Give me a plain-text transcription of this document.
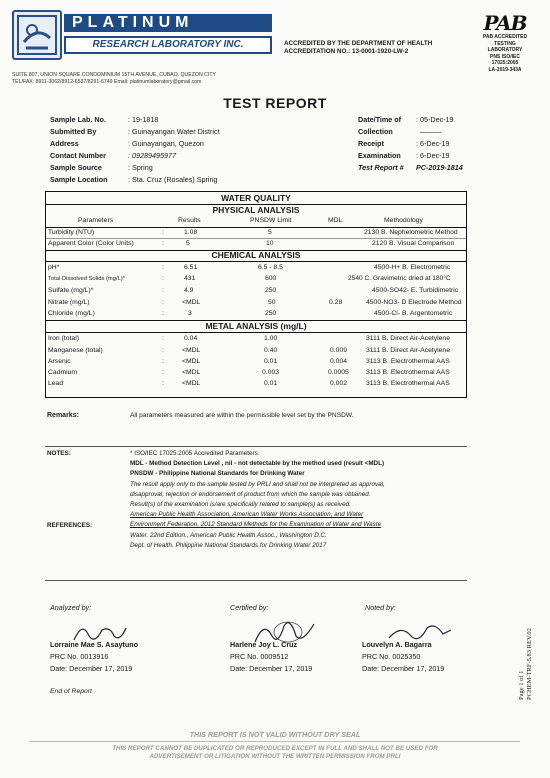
PLATINUM
RESEARCH LABORATORY INC.	ACCREDITED BY THE DEPARTMENT OF HEALTH
ACCREDITATION NO.: 13-0001-1920-LW-2
PAB
PAB ACCREDITED
TESTING
LABORATORY
PNS ISO/IEC
17025:2005
LA-2019-343A
SUITE 807, UNION SQUARE CONDOMINIUM 15TH AVENUE, CUBAO, QUEZON CITY
TEL/FAX: 8911-3062/8912-6537/8291-6749 Email: platinumlaboratory@gmail.com
TEST REPORT
Sample Lab. No.	: 19-1818
Submitted By	: Guinayangan Water District
Address	: Guinayangan, Quezon
Contact Number	: 09289495977
Sample Source	: Spring
Sample Location	: Sta. Cruz (Rosales) Spring
Date/Time of : 05-Dec-19
Collection	———
Receipt	: 6-Dec-19
Examination : 6-Dec-19
Test Report # PC-2019-1814
WATER QUALITY
PHYSICAL ANALYSIS
Parameters	Results	PNSDW Limit	MDL	Methodology
Turbidity (NTU)	:	1.08	5	2130 B. Nephelometric Method
Apparent Color (Color Units)	:	5	10	2120 B. Visual Comparison
CHEMICAL ANALYSIS
pH*	:	6.51	6.5 - 8.5	4500-H+ B. Electrometric
Total Dissolved Solids (mg/L)*	:	431	600	2540 C. Gravimetric dried at 180°C
Sulfate (mg/L)*	:	4.9	250	4500-SO42- E. Turbidimetric
Nitrate (mg/L)	:	<MDL	50	0.28	4500-NO3- D Electrode Method
Chloride (mg/L)	:	3	250	4500-Cl- B. Argentometric
METAL ANALYSIS (mg/L)
Iron (total)	:	0.04	1.00	3111 B. Direct Air-Acetylene
Manganese (total)	:	<MDL	0.40	0.009	3111 B. Direct Air-Acetylene
Arsenic	:	<MDL	0.01	0.004	3113 B. Electrothermal AAS
Cadmium	:	<MDL	0.003	0.0005	3113 B. Electrothermal AAS
Lead	:	<MDL	0.01	0.002	3113 B. Electrothermal AAS
Remarks:	All parameters measured are within the permissible level set by the PNSDW.
NOTES:	* ISO/IEC 17025:2005 Accredited Parameters.
MDL - Method Detection Level , nil - not detectable by the method used (result <MDL)
PNSDW - Philippine National Standards for Drinking Water
The result apply only to the sample tested by PRLI and shall not be interpreted as approval,
disapproval, rejection or endorsement of product from which the sample was obtained.
Result(s) of the examination is/are specifically related to sample(s) as received.
American Public Health Association, American Water Works Association, and Water
Environment Federation. 2012 Standard Methods for the Examination of Water and Waste
Water. 22nd Edition., American Public Health Assoc., Washington D.C.
Dept. of Health. Philippine National Standards for Drinking Water 2017
REFERENCES:
Analyzed by:	Certified by:	Noted by:
Lorraine Mae S. Asaytuno
PRC No. 0013916
Date: December 17, 2019
Harlene Joy L. Cruz
PRC No. 0009512
Date: December 17, 2019
Louvelyn A. Bagarra
PRC No. 0025350
Date: December 17, 2019
End of Report	Page 1 of 1 PCHEM-TRF-5.83 REV.02
THIS REPORT IS NOT VALID WITHOUT DRY SEAL
THIS REPORT CANNOT BE DUPLICATED OR REPRODUCED EXCEPT IN FULL AND SHALL NOT BE USED FOR
ADVERTISEMENT OR LITIGATION WITHOUT THE WRITTEN PERMISSION FROM PRLI
